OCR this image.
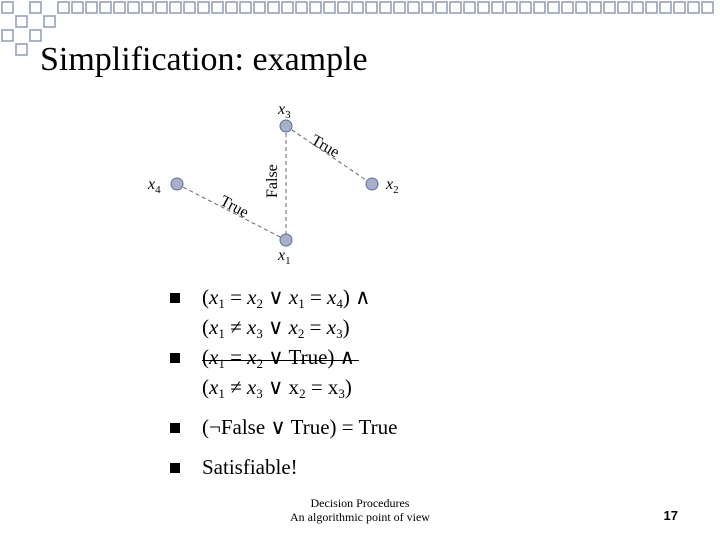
Simplification: example
$x_3$
$x_4$	$x_2$
$x_1$
True
False
True
($x_1 = x_2$ ∨ $x_1 = x_4$) ∧
($x_1 \ne x_3$ ∨ $x_2 = x_3$)
($x_1 = x_2$ ∨ True) ∧
($x_1 \ne x_3$ ∨ $x_2 = x_3$)
(¬False ∨ True) = True
Satisfiable!
Decision Procedures
An algorithmic point of view	17
